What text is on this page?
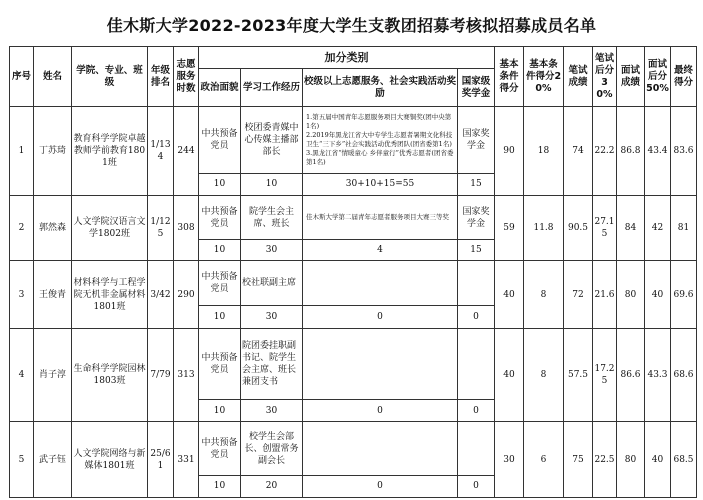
佳木斯大学2022-2023年度大学生支教团招募考核拟招募成员名单
序号	姓名	学院、专业、班级	年级排名	志愿服务时数	加分类别				基本条件得分	基本条件得分20%	笔试成绩	笔试后分30%	面试成绩	面试后分50%	最终得分
					政治面貌	学习工作经历	校级以上志愿服务、社会实践活动奖励	国家级奖学金							
1	丁苏琦	教育科学学院卓越教师学前教育1801班	1/134	244	中共预备党员	校团委青媒中心传媒主播部部长	1.第五届中国青年志愿服务项目大赛铜奖(团中央第1名)
2.2019年黑龙江省大中专学生志愿者暑期文化科技卫生“三下乡”社会实践活动优秀团队(团省委第1名)
3.黑龙江省“情暖童心 乡伴童行”优秀志愿者(团省委第1名)	国家奖学金	90	18	74	22.2	86.8	43.4	83.6
					10	10	30+10+15=55	15							
2	郭然森	人文学院汉语言文学1802班	1/125	308	中共预备党员	院学生会主席、班长	佳木斯大学第二届青年志愿者服务项目大赛三等奖	国家奖学金	59	11.8	90.5	27.15	84	42	81
					10	30	4	15							
3	王俊青	材料科学与工程学院无机非金属材料1801班	3/42	290	中共预备党员	校社联副主席			40	8	72	21.6	80	40	69.6
					10	30	0	0							
4	肖子淳	生命科学学院园林1803班	7/79	313	中共预备党员	院团委挂职副书记、院学生会主席、班长兼团支书			40	8	57.5	17.25	86.6	43.3	68.6
					10	30	0	0							
5	武子钰	人文学院网络与新媒体1801班	25/61	331	中共预备党员	校学生会部长、创盟常务副会长			30	6	75	22.5	80	40	68.5
					10	20	0	0							
